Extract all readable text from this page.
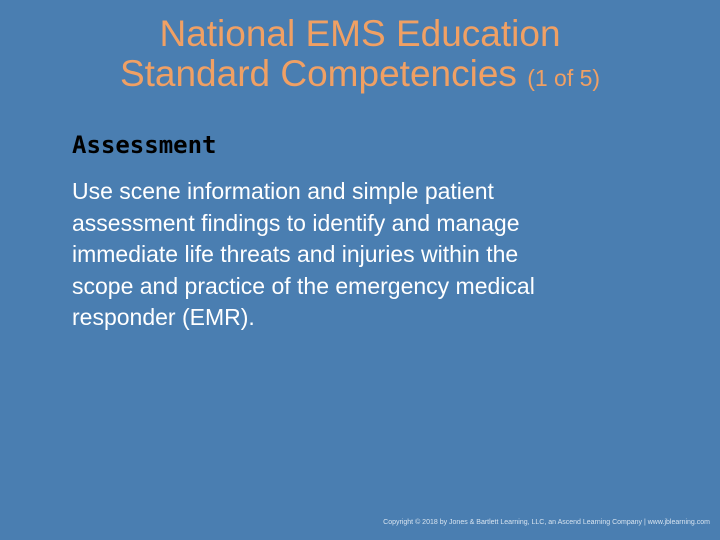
National EMS Education
Standard Competencies (1 of 5)
Assessment

Use scene information and simple patient
assessment findings to identify and manage
immediate life threats and injuries within the
scope and practice of the emergency medical
responder (EMR).

Copyright © 2018 by Jones & Bartlett Learning, LLC, an Ascend Learning Company | www.jblearning.com
